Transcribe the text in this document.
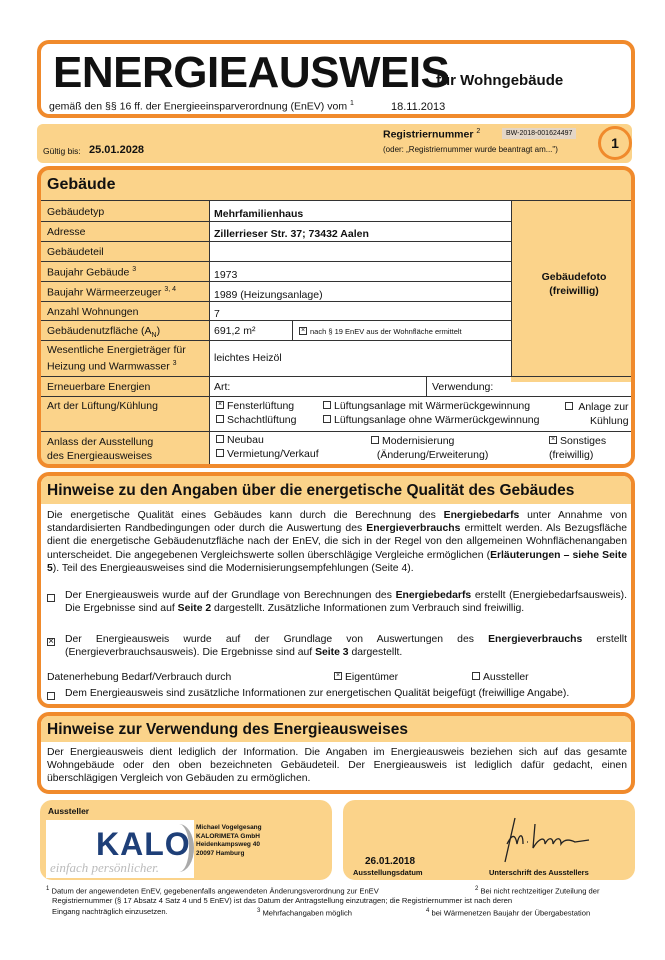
ENERGIEAUSWEIS
für Wohngebäude
gemäß den §§ 16 ff. der Energieeinsparverordnung (EnEV) vom $^1$	18.11.2013
Gültig bis: 25.01.2028
Registriernummer $^2$	BW-2018-001624497
(oder: „Registriernummer wurde beantragt am...")	1
Gebäude
Gebäudetyp	Mehrfamilienhaus
Adresse	Zillerrieser Str. 37; 73432 Aalen
Gebäudeteil
Baujahr Gebäude $^3$	1973
Baujahr Wärmeerzeuger $^{3, 4}$	1989 (Heizungsanlage)
Anzahl Wohnungen	7
Gebäudenutzfläche $(A_N)$	691,2 m²	× nach § 19 EnEV aus der Wohnfläche ermittelt
Wesentliche Energieträger für
Heizung und Warmwasser $^3$	leichtes Heizöl
Erneuerbare Energien	Art:	Verwendung:
Art der Lüftung/Kühlung	× Fensterlüftung	Lüftungsanlage mit Wärmerückgewinnung	Anlage zur
Kühlung
Schachtlüftung	Lüftungsanlage ohne Wärmerückgewinnung
Anlass der Ausstellung
des Energieausweises
Neubau	Modernisierung
(Änderung/Erweiterung)
× Sonstiges
(freiwillig)
Vermietung/Verkauf
Gebäudefoto
(freiwillig)
Hinweise zu den Angaben über die energetische Qualität des Gebäudes
Die energetische Qualität eines Gebäudes kann durch die Berechnung des Energiebedarfs unter Annahme von standardisierten Randbedingungen oder durch die Auswertung des Energieverbrauchs ermittelt werden. Als Bezugsfläche dient die energetische Gebäudenutzfläche nach der EnEV, die sich in der Regel von den allgemeinen Wohnflächenangaben unterscheidet. Die angegebenen Vergleichswerte sollen überschlägige Vergleiche ermöglichen (Erläuterungen – siehe Seite 5). Teil des Energieausweises sind die Modernisierungsempfehlungen (Seite 4).
Der Energieausweis wurde auf der Grundlage von Berechnungen des Energiebedarfs erstellt (Energiebedarfsausweis). Die Ergebnisse sind auf Seite 2 dargestellt. Zusätzliche Informationen zum Verbrauch sind freiwillig.
× Der Energieausweis wurde auf der Grundlage von Auswertungen des Energieverbrauchs erstellt (Energieverbrauchsausweis). Die Ergebnisse sind auf Seite 3 dargestellt.
Datenerhebung Bedarf/Verbrauch durch	× Eigentümer	Aussteller
Dem Energieausweis sind zusätzliche Informationen zur energetischen Qualität beigefügt (freiwillige Angabe).
Hinweise zur Verwendung des Energieausweises
Der Energieausweis dient lediglich der Information. Die Angaben im Energieausweis beziehen sich auf das gesamte Wohngebäude oder den oben bezeichneten Gebäudeteil. Der Energieausweis ist lediglich dafür gedacht, einen überschlägigen Vergleich von Gebäuden zu ermöglichen.
Aussteller
KALO
einfach persönlicher.
Michael Vogelgesang
KALORIMETA GmbH
Heidenkampsweg 40
20097 Hamburg
26.01.2018
Ausstellungsdatum	Unterschrift des Ausstellers
$^1$ Datum der angewendeten EnEV, gegebenenfalls angewendeten Änderungsverordnung zur EnEV	$^2$ Bei nicht rechtzeitiger Zuteilung der
Registriernummer (§ 17 Absatz 4 Satz 4 und 5 EnEV) ist das Datum der Antragstellung einzutragen; die Registriernummer ist nach deren
Eingang nachträglich einzusetzen.	$^3$ Mehrfachangaben möglich	$^4$ bei Wärmenetzen Baujahr der Übergabestation
